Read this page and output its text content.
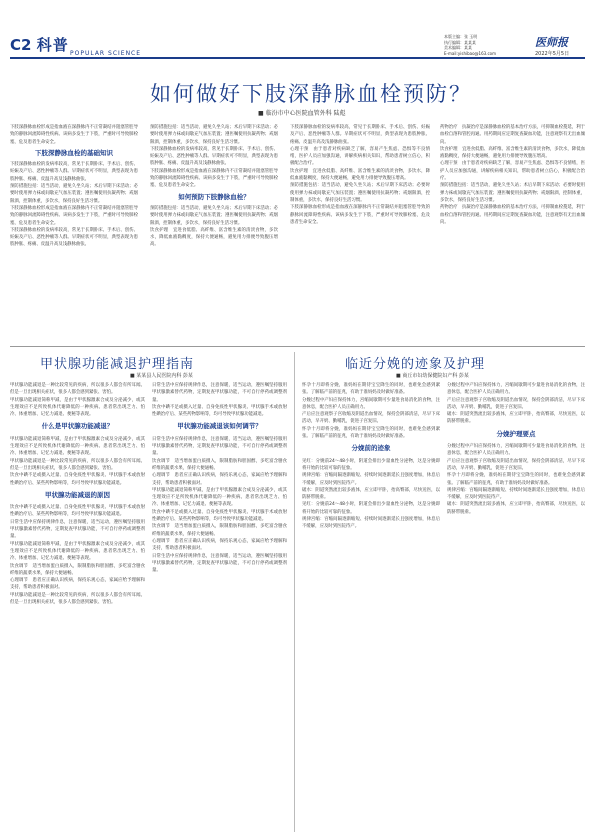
C2 科普 POPULAR SCIENCE
本版主编：张 玉明
执行编辑：某某某
美术编辑：某某
E-mail:yishibao@163.com
医师报
2022年5月5日
如何做好下肢深静脉血栓预防？
■ 临汾市中心医院血管外科 陆彪
下肢深静脉血栓形成是指血液在深静脉内不正常凝结并阻塞管腔导致的静脉回流障碍性疾病。该病多发生于下肢，严重时可导致肺栓塞，危及患者生命安全。
下肢深静脉血栓的基础知识
下肢深静脉血栓的发病率较高，常见于长期卧床、手术后、创伤、妊娠及产后、恶性肿瘤等人群。早期症状可不明显，典型表现为患肢肿胀、疼痛、皮温升高及浅静脉曲张。
预防措施包括：适当活动，避免久坐久站；术后早期下床活动；必要时使用弹力袜或间歇充气加压装置；遵医嘱使用抗凝药物；戒烟限酒，控制体重，多饮水，保持良好生活习惯。
下肢深静脉血栓形成是指血液在深静脉内不正常凝结并阻塞管腔导致的静脉回流障碍性疾病。该病多发生于下肢，严重时可导致肺栓塞，危及患者生命安全。
下肢深静脉血栓的发病率较高，常见于长期卧床、手术后、创伤、妊娠及产后、恶性肿瘤等人群。早期症状可不明显，典型表现为患肢肿胀、疼痛、皮温升高及浅静脉曲张。
预防措施包括：适当活动，避免久坐久站；术后早期下床活动；必要时使用弹力袜或间歇充气加压装置；遵医嘱使用抗凝药物；戒烟限酒，控制体重，多饮水，保持良好生活习惯。
下肢深静脉血栓的发病率较高，常见于长期卧床、手术后、创伤、妊娠及产后、恶性肿瘤等人群。早期症状可不明显，典型表现为患肢肿胀、疼痛、皮温升高及浅静脉曲张。
下肢深静脉血栓形成是指血液在深静脉内不正常凝结并阻塞管腔导致的静脉回流障碍性疾病。该病多发生于下肢，严重时可导致肺栓塞，危及患者生命安全。
如何预防下肢静脉血栓？
预防措施包括：适当活动，避免久坐久站；术后早期下床活动；必要时使用弹力袜或间歇充气加压装置；遵医嘱使用抗凝药物；戒烟限酒，控制体重，多饮水，保持良好生活习惯。
饮食护理　宜进食低脂、高纤维、富含维生素的清淡食物，多饮水，降低血液黏稠度，保持大便通畅，避免用力排便导致腹压增高。
下肢深静脉血栓的发病率较高，常见于长期卧床、手术后、创伤、妊娠及产后、恶性肿瘤等人群。早期症状可不明显，典型表现为患肢肿胀、疼痛、皮温升高及浅静脉曲张。
心理干预　由于患者对疾病缺乏了解，容易产生焦虑、恐惧等不良情绪，医护人员应加强沟通，讲解疾病相关知识，帮助患者树立信心，积极配合治疗。
饮食护理　宜进食低脂、高纤维、富含维生素的清淡食物，多饮水，降低血液黏稠度，保持大便通畅，避免用力排便导致腹压增高。
预防措施包括：适当活动，避免久坐久站；术后早期下床活动；必要时使用弹力袜或间歇充气加压装置；遵医嘱使用抗凝药物；戒烟限酒，控制体重，多饮水，保持良好生活习惯。
下肢深静脉血栓形成是指血液在深静脉内不正常凝结并阻塞管腔导致的静脉回流障碍性疾病。该病多发生于下肢，严重时可导致肺栓塞，危及患者生命安全。
药物治疗　抗凝治疗是深静脉血栓的基本治疗方法，可抑制血栓蔓延，利于血栓自溶和管腔再通。用药期间应定期复查凝血功能，注意观察有无出血倾向。
饮食护理　宜进食低脂、高纤维、富含维生素的清淡食物，多饮水，降低血液黏稠度，保持大便通畅，避免用力排便导致腹压增高。
心理干预　由于患者对疾病缺乏了解，容易产生焦虑、恐惧等不良情绪，医护人员应加强沟通，讲解疾病相关知识，帮助患者树立信心，积极配合治疗。
预防措施包括：适当活动，避免久坐久站；术后早期下床活动；必要时使用弹力袜或间歇充气加压装置；遵医嘱使用抗凝药物；戒烟限酒，控制体重，多饮水，保持良好生活习惯。
药物治疗　抗凝治疗是深静脉血栓的基本治疗方法，可抑制血栓蔓延，利于血栓自溶和管腔再通。用药期间应定期复查凝血功能，注意观察有无出血倾向。
甲状腺功能减退护理指南
■ 某某县人民医院内科 彭某
甲状腺功能减退是一种比较常见的疾病，所以很多人都会有所耳闻。但是一旦出现相关症状，很多人都会感到紧张、害怕。
甲状腺功能减退简称甲减，是由于甲状腺激素合成及分泌减少，或其生理效应不足所致机体代谢降低的一种疾病。患者常出现乏力、怕冷、体重增加、记忆力减退、便秘等表现。
什么是甲状腺功能减退？
甲状腺功能减退简称甲减，是由于甲状腺激素合成及分泌减少，或其生理效应不足所致机体代谢降低的一种疾病。患者常出现乏力、怕冷、体重增加、记忆力减退、便秘等表现。
甲状腺功能减退是一种比较常见的疾病，所以很多人都会有所耳闻。但是一旦出现相关症状，很多人都会感到紧张、害怕。
饮食中碘不足或摄入过量、自身免疫性甲状腺炎、甲状腺手术或放射性碘治疗后、某些药物影响等，均可导致甲状腺功能减退。
甲状腺功能减退的原因
饮食中碘不足或摄入过量、自身免疫性甲状腺炎、甲状腺手术或放射性碘治疗后、某些药物影响等，均可导致甲状腺功能减退。
日常生活中应保持规律作息，注意保暖，适当运动，遵医嘱坚持服用甲状腺激素替代药物，定期复查甲状腺功能，不可自行停药或调整剂量。
甲状腺功能减退简称甲减，是由于甲状腺激素合成及分泌减少，或其生理效应不足所致机体代谢降低的一种疾病。患者常出现乏力、怕冷、体重增加、记忆力减退、便秘等表现。
饮食调节　适当增加蛋白质摄入，限制脂肪和胆固醇，多吃富含膳食纤维的蔬菜水果，保持大便通畅。
心理调节　患者应正确认识疾病，保持乐观心态，家属应给予理解和支持，帮助患者积极面对。
甲状腺功能减退是一种比较常见的疾病，所以很多人都会有所耳闻。但是一旦出现相关症状，很多人都会感到紧张、害怕。
日常生活中应保持规律作息，注意保暖，适当运动，遵医嘱坚持服用甲状腺激素替代药物，定期复查甲状腺功能，不可自行停药或调整剂量。
饮食中碘不足或摄入过量、自身免疫性甲状腺炎、甲状腺手术或放射性碘治疗后、某些药物影响等，均可导致甲状腺功能减退。
甲状腺功能减退该如何调节？
日常生活中应保持规律作息，注意保暖，适当运动，遵医嘱坚持服用甲状腺激素替代药物，定期复查甲状腺功能，不可自行停药或调整剂量。
饮食调节　适当增加蛋白质摄入，限制脂肪和胆固醇，多吃富含膳食纤维的蔬菜水果，保持大便通畅。
心理调节　患者应正确认识疾病，保持乐观心态，家属应给予理解和支持，帮助患者积极面对。
甲状腺功能减退简称甲减，是由于甲状腺激素合成及分泌减少，或其生理效应不足所致机体代谢降低的一种疾病。患者常出现乏力、怕冷、体重增加、记忆力减退、便秘等表现。
饮食中碘不足或摄入过量、自身免疫性甲状腺炎、甲状腺手术或放射性碘治疗后、某些药物影响等，均可导致甲状腺功能减退。
饮食调节　适当增加蛋白质摄入，限制脂肪和胆固醇，多吃富含膳食纤维的蔬菜水果，保持大便通畅。
心理调节　患者应正确认识疾病，保持乐观心态，家属应给予理解和支持，帮助患者积极面对。
日常生活中应保持规律作息，注意保暖，适当运动，遵医嘱坚持服用甲状腺激素替代药物，定期复查甲状腺功能，不可自行停药或调整剂量。
临近分娩的迹象及护理
■ 商丘市妇幼保健院妇产科 彭某
怀孕十月即将分娩，准妈妈在期待宝宝降生的同时，也难免会感到紧张。了解临产前的征兆，有助于准妈妈及时做好准备。
分娩过程中产妇应保持体力，宫缩间歇期可少量进食易消化的食物，注意休息，配合医护人员正确用力。
产后应注意观察子宫收缩及阴道出血情况，保持会阴部清洁，尽早下床活动，早开奶、勤哺乳，促进子宫复旧。
怀孕十月即将分娩，准妈妈在期待宝宝降生的同时，也难免会感到紧张。了解临产前的征兆，有助于准妈妈及时做好准备。
分娩前的迹象
见红：分娩前24～48小时，阴道会排出少量血性分泌物，这是分娩即将开始的比较可靠的征象。
规律宫缩：宫缩间隔逐渐缩短、持续时间逐渐延长且强度增加，休息后不缓解，应及时到医院待产。
破水：阴道突然流出较多液体，应立即平卧，抬高臀部，尽快送医，以防脐带脱垂。
见红：分娩前24～48小时，阴道会排出少量血性分泌物，这是分娩即将开始的比较可靠的征象。
规律宫缩：宫缩间隔逐渐缩短、持续时间逐渐延长且强度增加，休息后不缓解，应及时到医院待产。
分娩过程中产妇应保持体力，宫缩间歇期可少量进食易消化的食物，注意休息，配合医护人员正确用力。
产后应注意观察子宫收缩及阴道出血情况，保持会阴部清洁，尽早下床活动，早开奶、勤哺乳，促进子宫复旧。
破水：阴道突然流出较多液体，应立即平卧，抬高臀部，尽快送医，以防脐带脱垂。
分娩护理要点
分娩过程中产妇应保持体力，宫缩间歇期可少量进食易消化的食物，注意休息，配合医护人员正确用力。
产后应注意观察子宫收缩及阴道出血情况，保持会阴部清洁，尽早下床活动，早开奶、勤哺乳，促进子宫复旧。
怀孕十月即将分娩，准妈妈在期待宝宝降生的同时，也难免会感到紧张。了解临产前的征兆，有助于准妈妈及时做好准备。
规律宫缩：宫缩间隔逐渐缩短、持续时间逐渐延长且强度增加，休息后不缓解，应及时到医院待产。
破水：阴道突然流出较多液体，应立即平卧，抬高臀部，尽快送医，以防脐带脱垂。
